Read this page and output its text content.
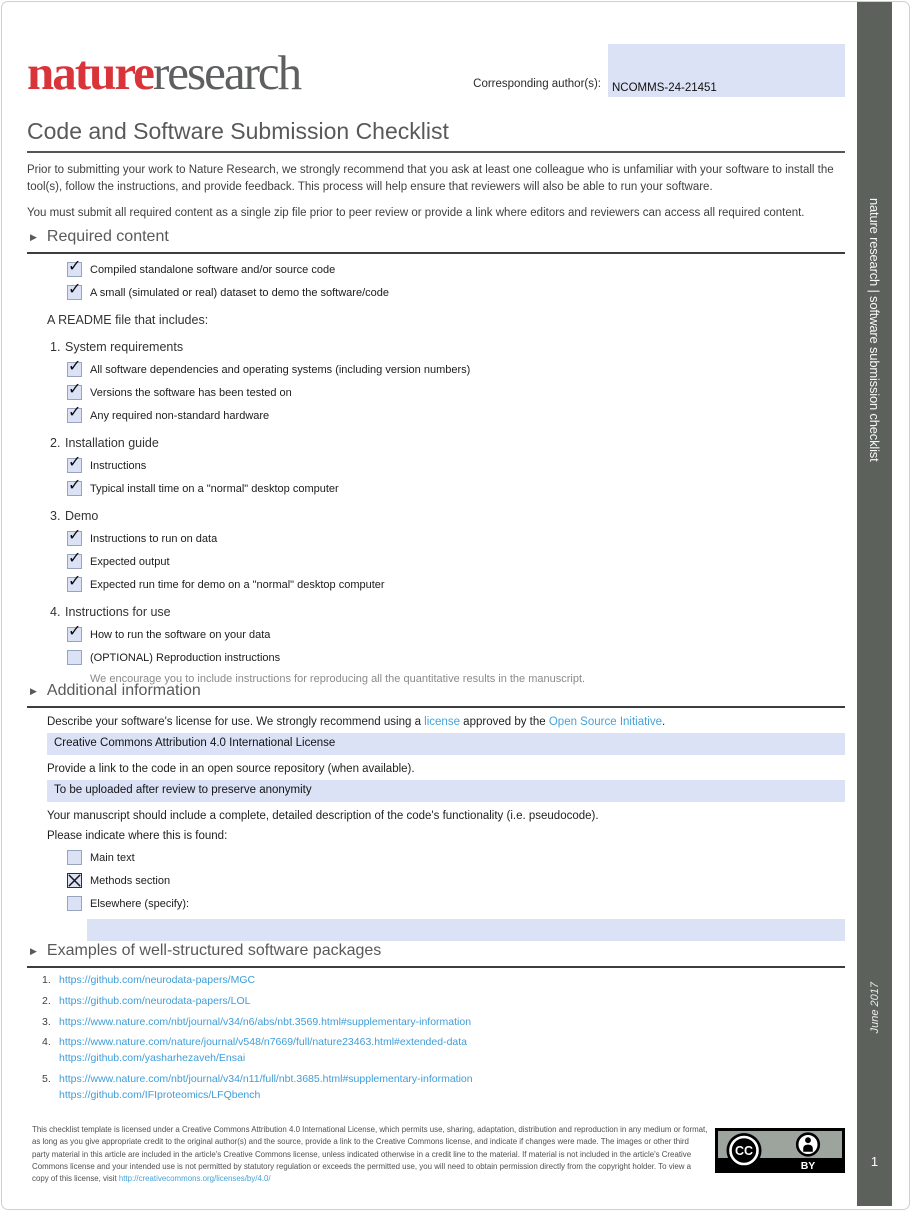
natureresearch	Corresponding author(s): NCOMMS-24-21451
Code and Software Submission Checklist

Prior to submitting your work to Nature Research, we strongly recommend that you ask at least one colleague who is unfamiliar with your software to install the tool(s), follow the instructions, and provide feedback. This process will help ensure that reviewers will also be able to run your software.

You must submit all required content as a single zip file prior to peer review or provide a link where editors and reviewers can access all required content.

▶ Required content
✓ Compiled standalone software and/or source code
✓ A small (simulated or real) dataset to demo the software/code
A README file that includes:
1. System requirements
✓ All software dependencies and operating systems (including version numbers)
✓ Versions the software has been tested on
✓ Any required non-standard hardware
2. Installation guide
✓ Instructions
✓ Typical install time on a "normal" desktop computer
3. Demo
✓ Instructions to run on data
✓ Expected output
✓ Expected run time for demo on a "normal" desktop computer
4. Instructions for use
✓ How to run the software on your data
(OPTIONAL) Reproduction instructions
We encourage you to include instructions for reproducing all the quantitative results in the manuscript.
▶ Additional information

Describe your software's license for use. We strongly recommend using a license approved by the Open Source Initiative.

Creative Commons Attribution 4.0 International License

Provide a link to the code in an open source repository (when available).

To be uploaded after review to preserve anonymity

Your manuscript should include a complete, detailed description of the code's functionality (i.e. pseudocode).

Please indicate where this is found:

Main text
Methods section
Elsewhere (specify):
▶ Examples of well-structured software packages
1. https://github.com/neurodata-papers/MGC
2. https://github.com/neurodata-papers/LOL
3. https://www.nature.com/nbt/journal/v34/n6/abs/nbt.3569.html#supplementary-information
4. https://www.nature.com/nature/journal/v548/n7669/full/nature23463.html#extended-data
https://github.com/yasharhezaveh/Ensai
5. https://www.nature.com/nbt/journal/v34/n11/full/nbt.3685.html#supplementary-information
https://github.com/IFIproteomics/LFQbench
This checklist template is licensed under a Creative Commons Attribution 4.0 International License, which permits use, sharing, adaptation, distribution and reproduction in any medium or format, as long as you give appropriate credit to the original author(s) and the source, provide a link to the Creative Commons license, and indicate if changes were made. The images or other third party material in this article are included in the article's Creative Commons license, unless indicated otherwise in a credit line to the material. If material is not included in the article's Creative Commons license and your intended use is not permitted by statutory regulation or exceeds the permitted use, you will need to obtain permission directly from the copyright holder. To view a copy of this license, visit http://creativecommons.org/licenses/by/4.0/
CC
BY
nature research | software submission checklist
June 2017
1
